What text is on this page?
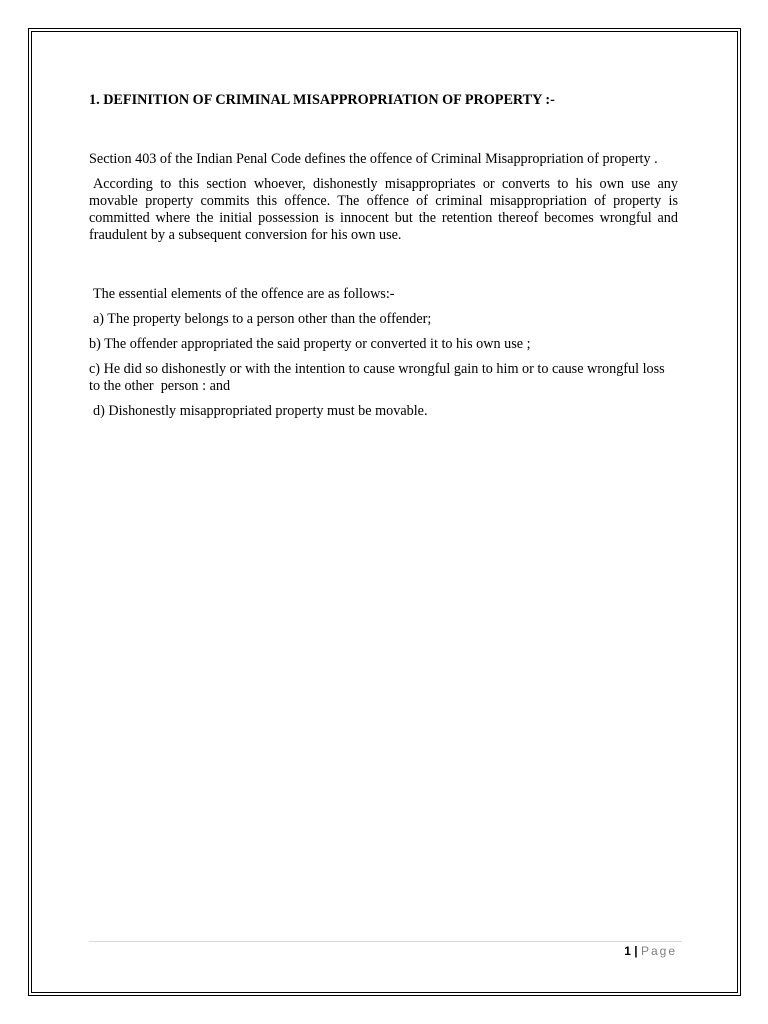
1. DEFINITION OF CRIMINAL MISAPPROPRIATION OF PROPERTY :-

Section 403 of the Indian Penal Code defines the offence of Criminal Misappropriation of property .

According to this section whoever, dishonestly misappropriates or converts to his own use any movable property commits this offence. The offence of criminal misappropriation of property is committed where the initial possession is innocent but the retention thereof becomes wrongful and fraudulent by a subsequent conversion for his own use.

The essential elements of the offence are as follows:-

a) The property belongs to a person other than the offender;

b) The offender appropriated the said property or converted it to his own use ;

c) He did so dishonestly or with the intention to cause wrongful gain to him or to cause wrongful loss to the other  person : and

d) Dishonestly misappropriated property must be movable.

1 | Page
